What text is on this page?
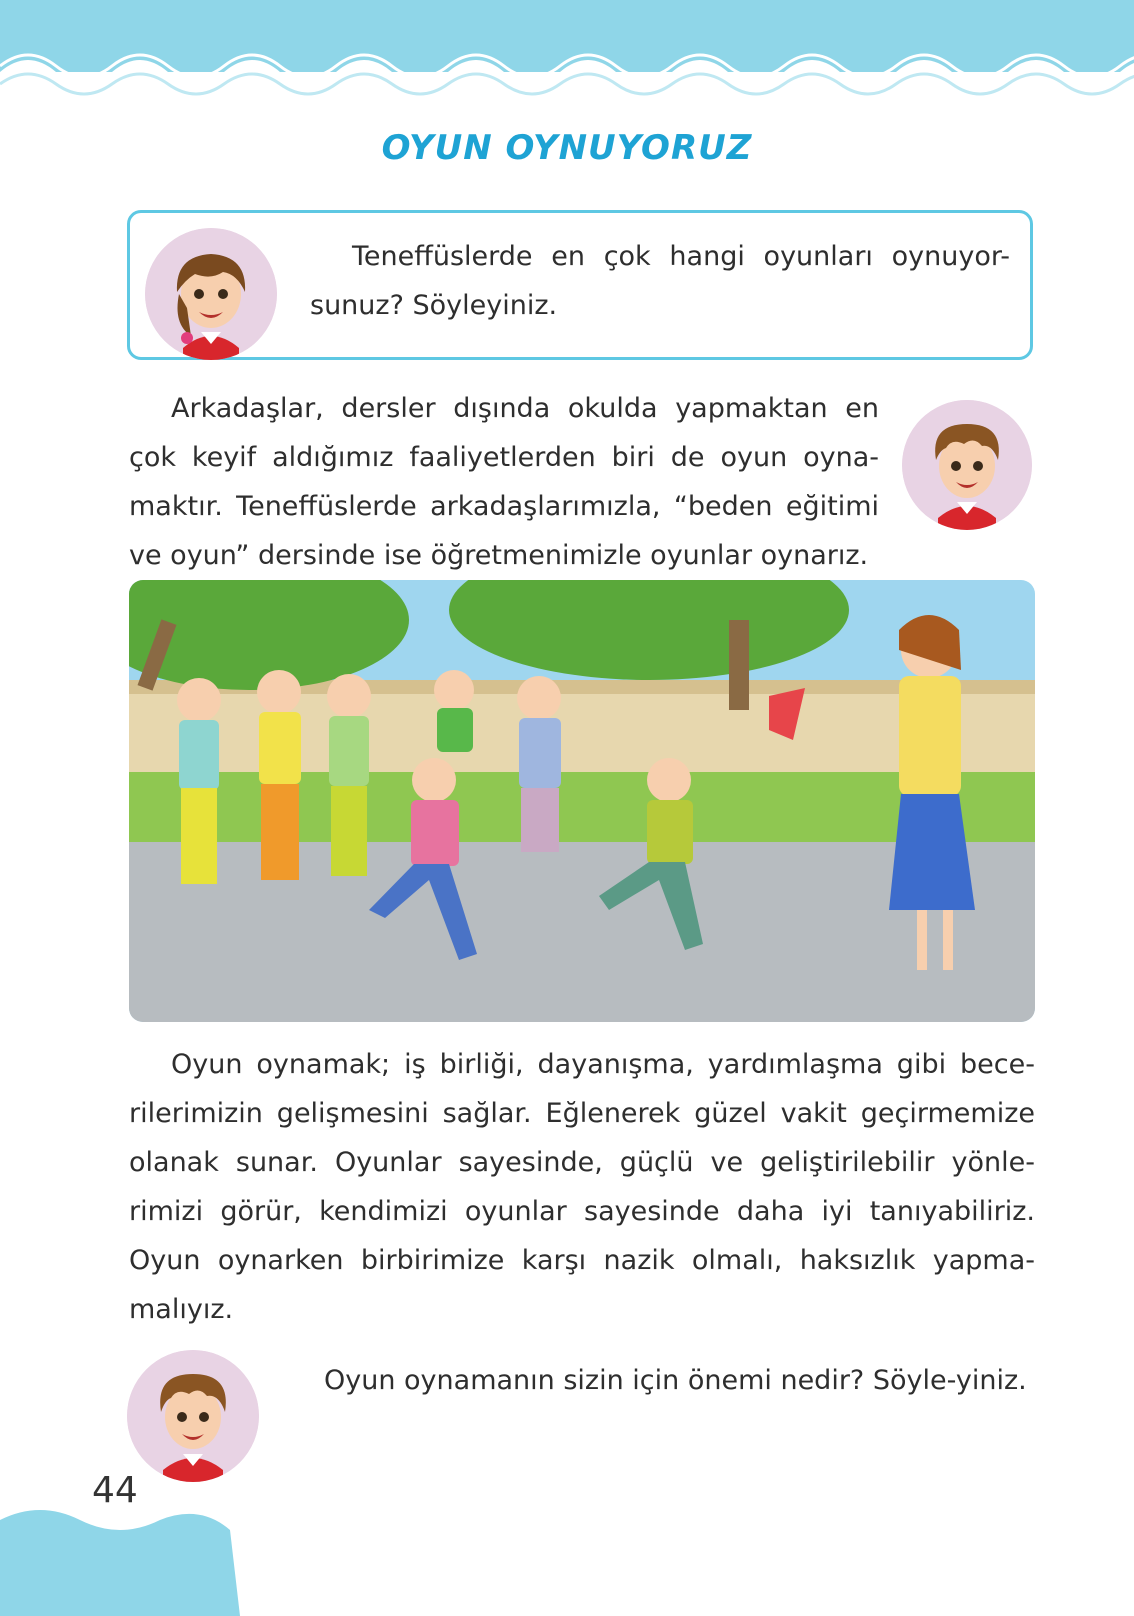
OYUN OYNUYORUZ
Teneffüslerde en çok hangi oyunları oynuyor-sunuz? Söyleyiniz.
Arkadaşlar, dersler dışında okulda yapmaktan en çok keyif aldığımız faaliyetlerden biri de oyun oyna-maktır. Teneffüslerde arkadaşlarımızla, “beden eğitimi ve oyun” dersinde ise öğretmenimizle oyunlar oynarız.
Oyun oynamak; iş birliği, dayanışma, yardımlaşma gibi bece-rilerimizin gelişmesini sağlar. Eğlenerek güzel vakit geçirmemize olanak sunar. Oyunlar sayesinde, güçlü ve geliştirilebilir yönle-rimizi görür, kendimizi oyunlar sayesinde daha iyi tanıyabiliriz. Oyun oynarken birbirimize karşı nazik olmalı, haksızlık yapma-malıyız.
Oyun oynamanın sizin için önemi nedir? Söyle-yiniz.
44
